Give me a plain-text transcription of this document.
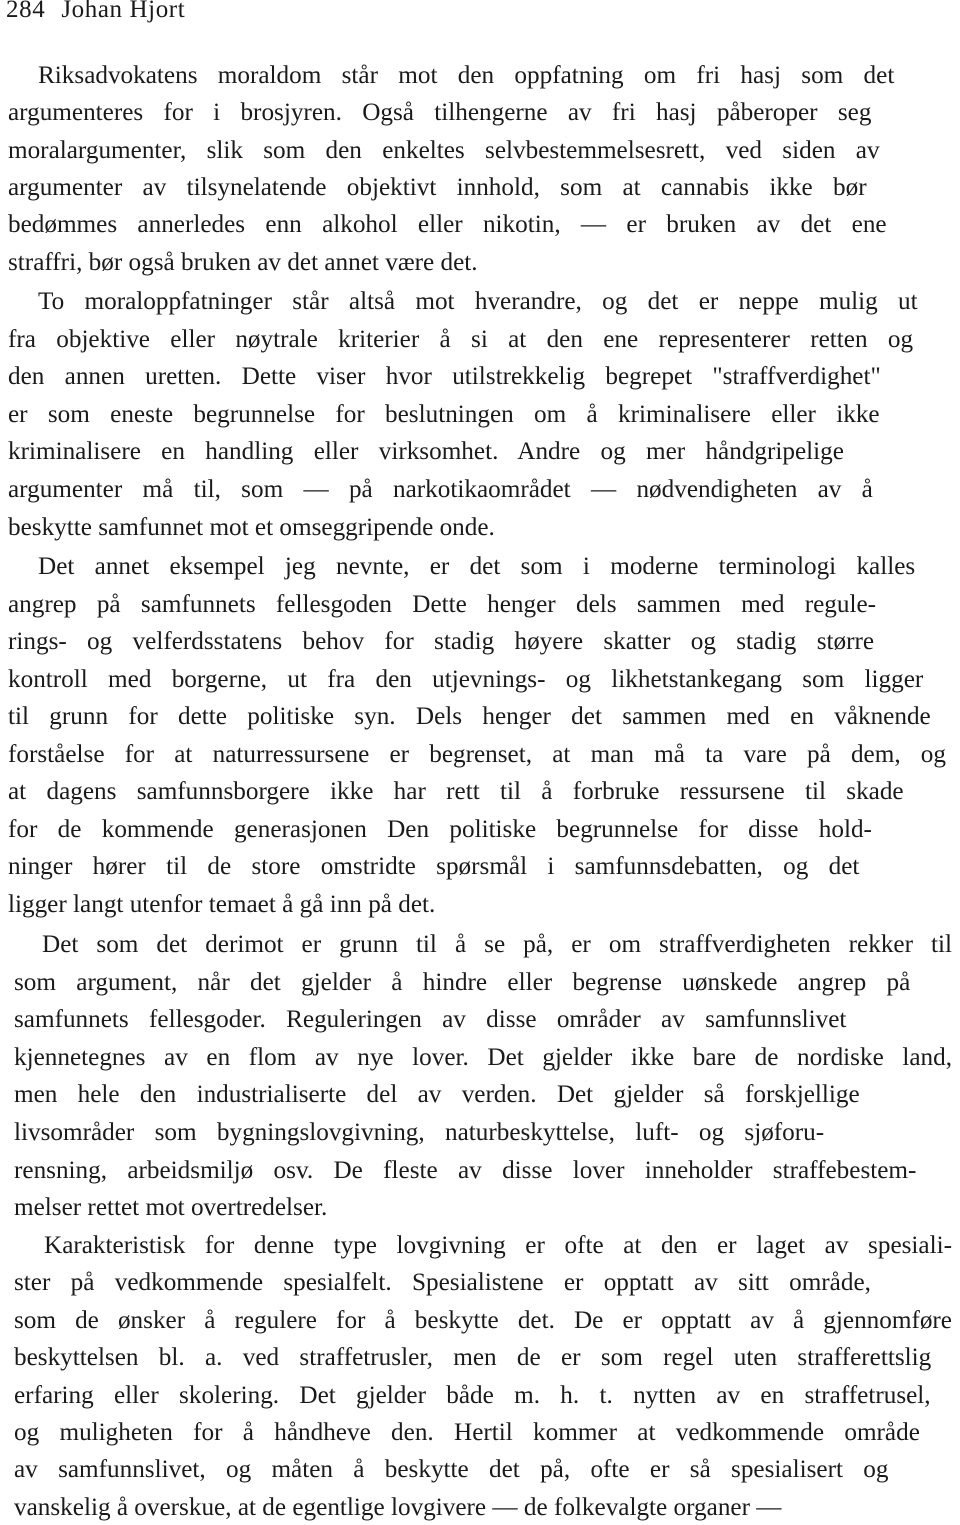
284 Johan Hjort
Riksadvokatens moraldom står mot den oppfatning om fri hasj som det
argumenteres for i brosjyren. Også tilhengerne av fri hasj påberoper seg
moralargumenter, slik som den enkeltes selvbestemmelsesrett, ved siden av
argumenter av tilsynelatende objektivt innhold, som at cannabis ikke bør
bedømmes annerledes enn alkohol eller nikotin, — er bruken av det ene
straffri, bør også bruken av det annet være det.
To moraloppfatninger står altså mot hverandre, og det er neppe mulig ut
fra objektive eller nøytrale kriterier å si at den ene representerer retten og
den annen uretten. Dette viser hvor utilstrekkelig begrepet "straffverdighet"
er som eneste begrunnelse for beslutningen om å kriminalisere eller ikke
kriminalisere en handling eller virksomhet. Andre og mer håndgripelige
argumenter må til, som — på narkotikaområdet — nødvendigheten av å
beskytte samfunnet mot et omseggripende onde.
Det annet eksempel jeg nevnte, er det som i moderne terminologi kalles
angrep på samfunnets fellesgoden Dette henger dels sammen med regule-
rings- og velferdsstatens behov for stadig høyere skatter og stadig større
kontroll med borgerne, ut fra den utjevnings- og likhetstankegang som ligger
til grunn for dette politiske syn. Dels henger det sammen med en våknende
forståelse for at naturressursene er begrenset, at man må ta vare på dem, og
at dagens samfunnsborgere ikke har rett til å forbruke ressursene til skade
for de kommende generasjonen Den politiske begrunnelse for disse hold-
ninger hører til de store omstridte spørsmål i samfunnsdebatten, og det
ligger langt utenfor temaet å gå inn på det.
Det som det derimot er grunn til å se på, er om straffverdigheten rekker til
som argument, når det gjelder å hindre eller begrense uønskede angrep på
samfunnets fellesgoder. Reguleringen av disse områder av samfunnslivet
kjennetegnes av en flom av nye lover. Det gjelder ikke bare de nordiske land,
men hele den industrialiserte del av verden. Det gjelder så forskjellige
livsområder som bygningslovgivning, naturbeskyttelse, luft- og sjøforu-
rensning, arbeidsmiljø osv. De fleste av disse lover inneholder straffebestem-
melser rettet mot overtredelser.
Karakteristisk for denne type lovgivning er ofte at den er laget av spesiali-
ster på vedkommende spesialfelt. Spesialistene er opptatt av sitt område,
som de ønsker å regulere for å beskytte det. De er opptatt av å gjennomføre
beskyttelsen bl. a. ved straffetrusler, men de er som regel uten strafferettslig
erfaring eller skolering. Det gjelder både m. h. t. nytten av en straffetrusel,
og muligheten for å håndheve den. Hertil kommer at vedkommende område
av samfunnslivet, og måten å beskytte det på, ofte er så spesialisert og
vanskelig å overskue, at de egentlige lovgivere — de folkevalgte organer —
